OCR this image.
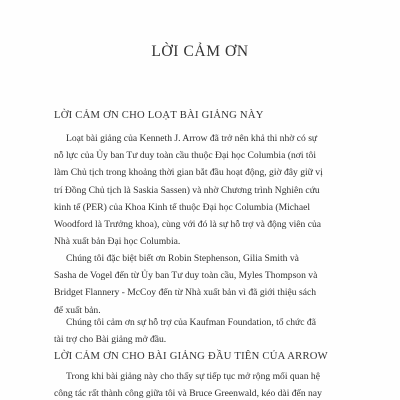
LỜI CẢM ƠN
LỜI CẢM ƠN CHO LOẠT BÀI GIẢNG NÀY
Loạt bài giảng của Kenneth J. Arrow đã trở nên khả thi nhờ có sự
nỗ lực của Ủy ban Tư duy toàn cầu thuộc Đại học Columbia (nơi tôi
làm Chủ tịch trong khoảng thời gian bắt đầu hoạt động, giờ đây giữ vị
trí Đồng Chủ tịch là Saskia Sassen) và nhờ Chương trình Nghiên cứu
kinh tế (PER) của Khoa Kinh tế thuộc Đại học Columbia (Michael
Woodford là Trưởng khoa), cùng với đó là sự hỗ trợ và động viên của
Nhà xuất bản Đại học Columbia.
Chúng tôi đặc biệt biết ơn Robin Stephenson, Gilia Smith và
Sasha de Vogel đến từ Ủy ban Tư duy toàn cầu, Myles Thompson và
Bridget Flannery - McCoy đến từ Nhà xuất bản vì đã giới thiệu sách
để xuất bản.
Chúng tôi cảm ơn sự hỗ trợ của Kaufman Foundation, tổ chức đã
tài trợ cho Bài giảng mở đầu.
LỜI CẢM ƠN CHO BÀI GIẢNG ĐẦU TIÊN CỦA ARROW
Trong khi bài giảng này cho thấy sự tiếp tục mở rộng mối quan hệ
công tác rất thành công giữa tôi và Bruce Greenwald, kéo dài đến nay
